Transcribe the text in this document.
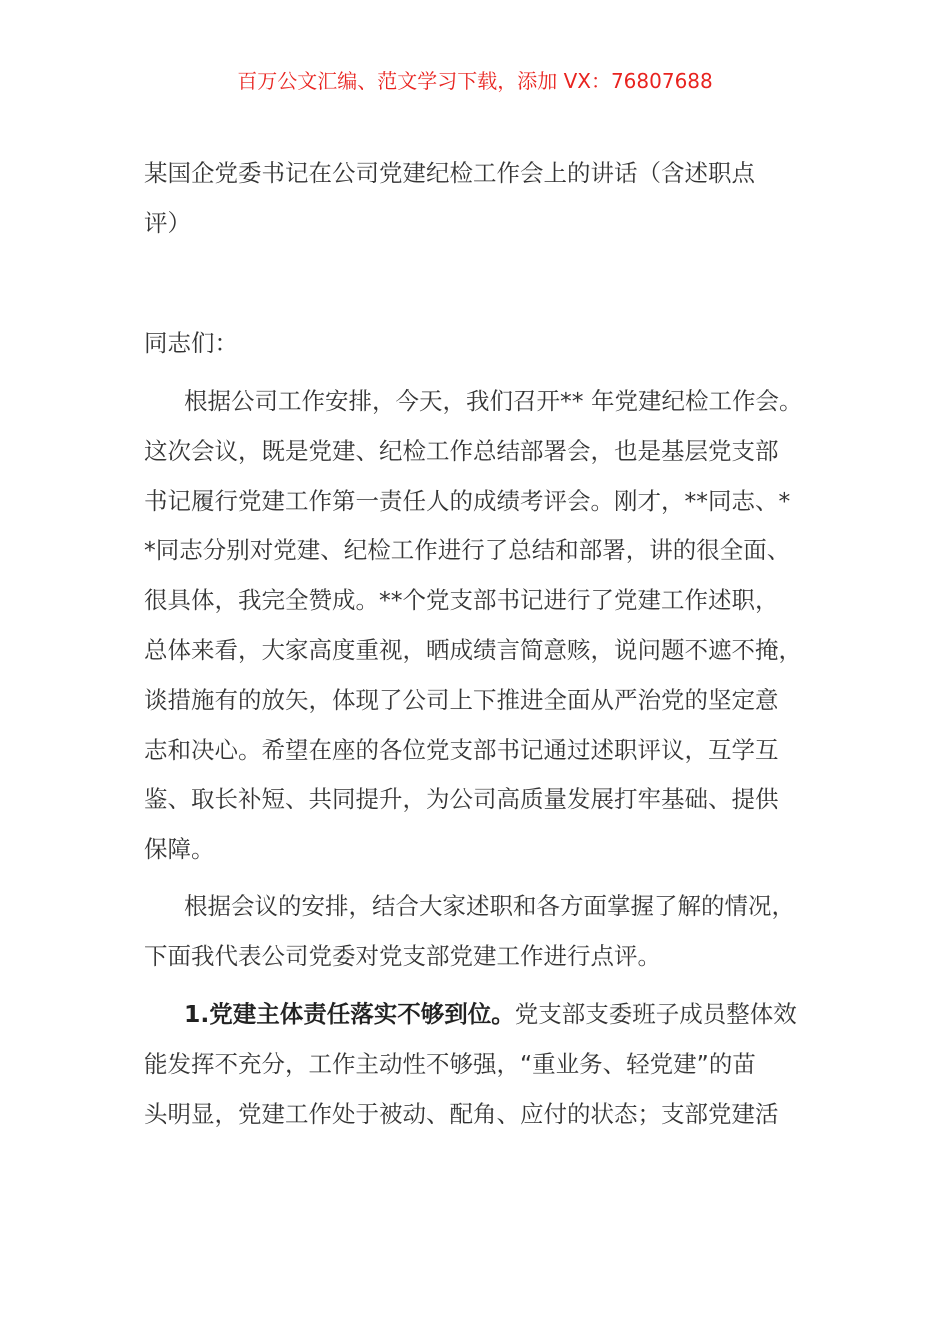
百万公文汇编、范文学习下载，添加 VX：76807688
某国企党委书记在公司党建纪检工作会上的讲话（含述职点
评）
同志们：
根据公司工作安排，今天，我们召开** 年党建纪检工作会。
这次会议，既是党建、纪检工作总结部署会，也是基层党支部
书记履行党建工作第一责任人的成绩考评会。刚才，**同志、*
*同志分别对党建、纪检工作进行了总结和部署，讲的很全面、
很具体，我完全赞成。**个党支部书记进行了党建工作述职，
总体来看，大家高度重视，晒成绩言简意赅，说问题不遮不掩，
谈措施有的放矢，体现了公司上下推进全面从严治党的坚定意
志和决心。希望在座的各位党支部书记通过述职评议，互学互
鉴、取长补短、共同提升，为公司高质量发展打牢基础、提供
保障。
根据会议的安排，结合大家述职和各方面掌握了解的情况，
下面我代表公司党委对党支部党建工作进行点评。
1.党建主体责任落实不够到位。党支部支委班子成员整体效
能发挥不充分，工作主动性不够强，“重业务、轻党建”的苗
头明显，党建工作处于被动、配角、应付的状态；支部党建活
